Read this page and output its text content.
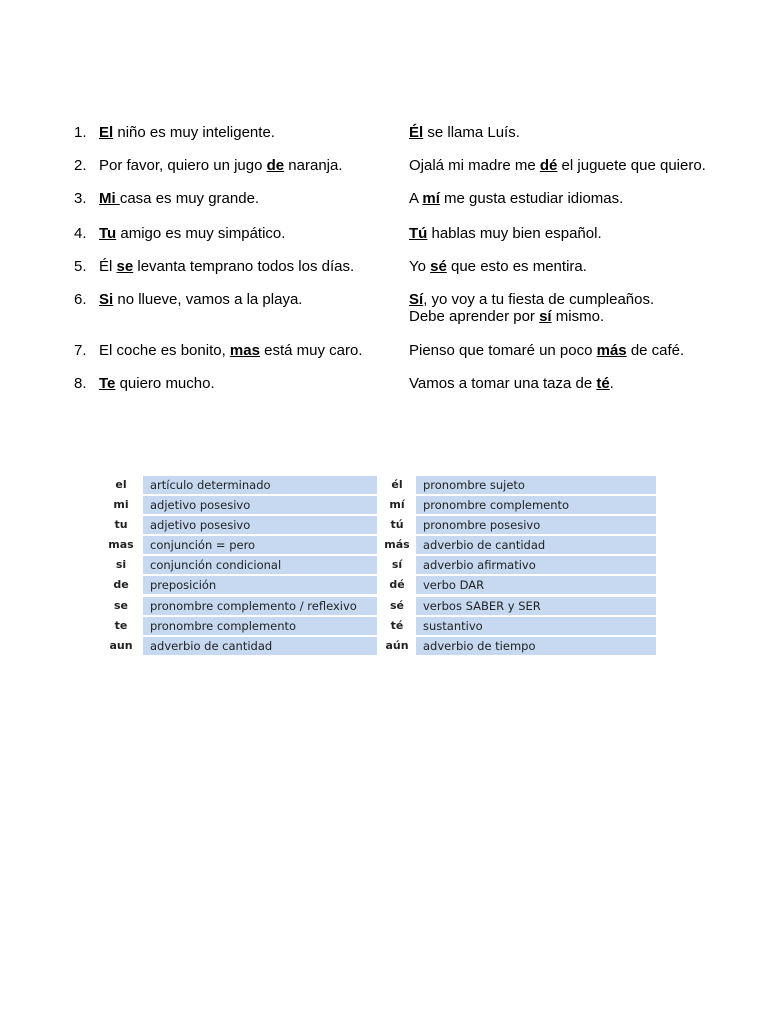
1. El niño es muy inteligente.	Él se llama Luís.
2. Por favor, quiero un jugo de naranja.	Ojalá mi madre me dé el juguete que quiero.
3. Mi casa es muy grande.	A mí me gusta estudiar idiomas.
4. Tu amigo es muy simpático.	Tú hablas muy bien español.
5. Él se levanta temprano todos los días.	Yo sé que esto es mentira.
6. Si no llueve, vamos a la playa.	Sí, yo voy a tu fiesta de cumpleaños.
Debe aprender por sí mismo.
7. El coche es bonito, mas está muy caro.	Pienso que tomaré un poco más de café.
8. Te quiero mucho.	Vamos a tomar una taza de té.
el	artículo determinado	él	pronombre sujeto
mi	adjetivo posesivo	mí	pronombre complemento
tu	adjetivo posesivo	tú	pronombre posesivo
mas	conjunción = pero	más	adverbio de cantidad
si	conjunción condicional	sí	adverbio afirmativo
de	preposición	dé	verbo DAR
se	pronombre complemento / reflexivo	sé	verbos SABER y SER
te	pronombre complemento	té	sustantivo
aun	adverbio de cantidad	aún	adverbio de tiempo
